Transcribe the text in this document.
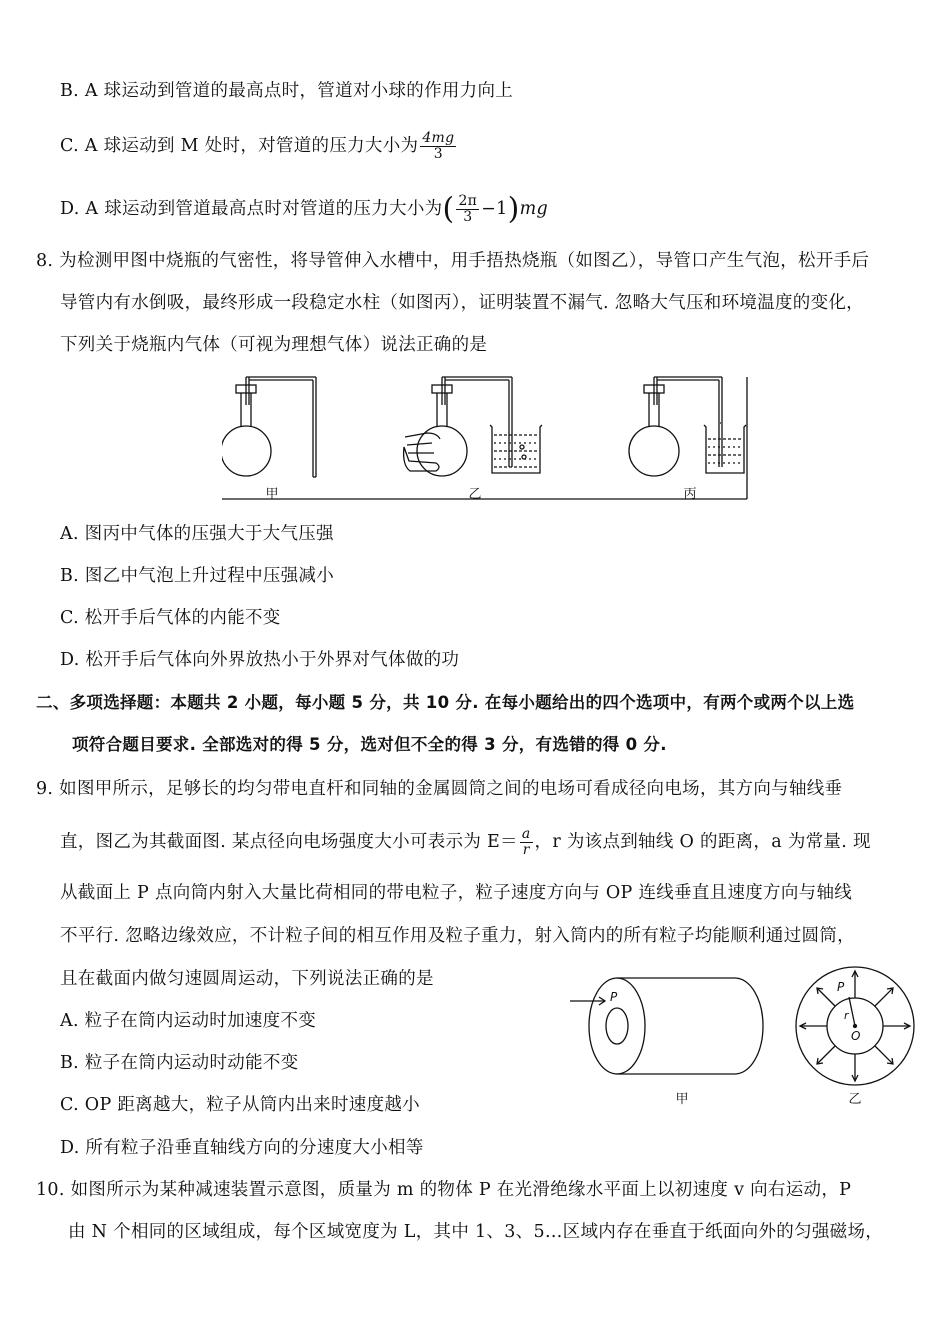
B. A 球运动到管道的最高点时，管道对小球的作用力向上
C. A 球运动到 M 处时，对管道的压力大小为 $\frac{4mg}{3}$
D. A 球运动到管道最高点时对管道的压力大小为( $\frac{2\pi}{3} -1)mg$
8. 为检测甲图中烧瓶的气密性，将导管伸入水槽中，用手捂热烧瓶（如图乙），导管口产生气泡，松开手后
导管内有水倒吸，最终形成一段稳定水柱（如图丙），证明装置不漏气. 忽略大气压和环境温度的变化，
下列关于烧瓶内气体（可视为理想气体）说法正确的是
甲	乙	丙
A. 图丙中气体的压强大于大气压强
B. 图乙中气泡上升过程中压强减小
C. 松开手后气体的内能不变
D. 松开手后气体向外界放热小于外界对气体做的功
二、多项选择题：本题共 2 小题，每小题 5 分，共 10 分. 在每小题给出的四个选项中，有两个或两个以上选
项符合题目要求. 全部选对的得 5 分，选对但不全的得 3 分，有选错的得 0 分.
9. 如图甲所示，足够长的均匀带电直杆和同轴的金属圆筒之间的电场可看成径向电场，其方向与轴线垂
直，图乙为其截面图. 某点径向电场强度大小可表示为 $E= \frac{a}{r}$ ，r 为该点到轴线 O 的距离，a 为常量. 现
从截面上 P 点向筒内射入大量比荷相同的带电粒子，粒子速度方向与 OP 连线垂直且速度方向与轴线
不平行. 忽略边缘效应，不计粒子间的相互作用及粒子重力，射入筒内的所有粒子均能顺利通过圆筒，
且在截面内做匀速圆周运动，下列说法正确的是
A. 粒子在筒内运动时加速度不变
B. 粒子在筒内运动时动能不变
C. OP 距离越大，粒子从筒内出来时速度越小
D. 所有粒子沿垂直轴线方向的分速度大小相等
P
P
r
O
甲	乙
10. 如图所示为某种减速装置示意图，质量为 m 的物体 P 在光滑绝缘水平面上以初速度 v 向右运动，P
由 N 个相同的区域组成，每个区域宽度为 L，其中 1、3、5…区域内存在垂直于纸面向外的匀强磁场，
